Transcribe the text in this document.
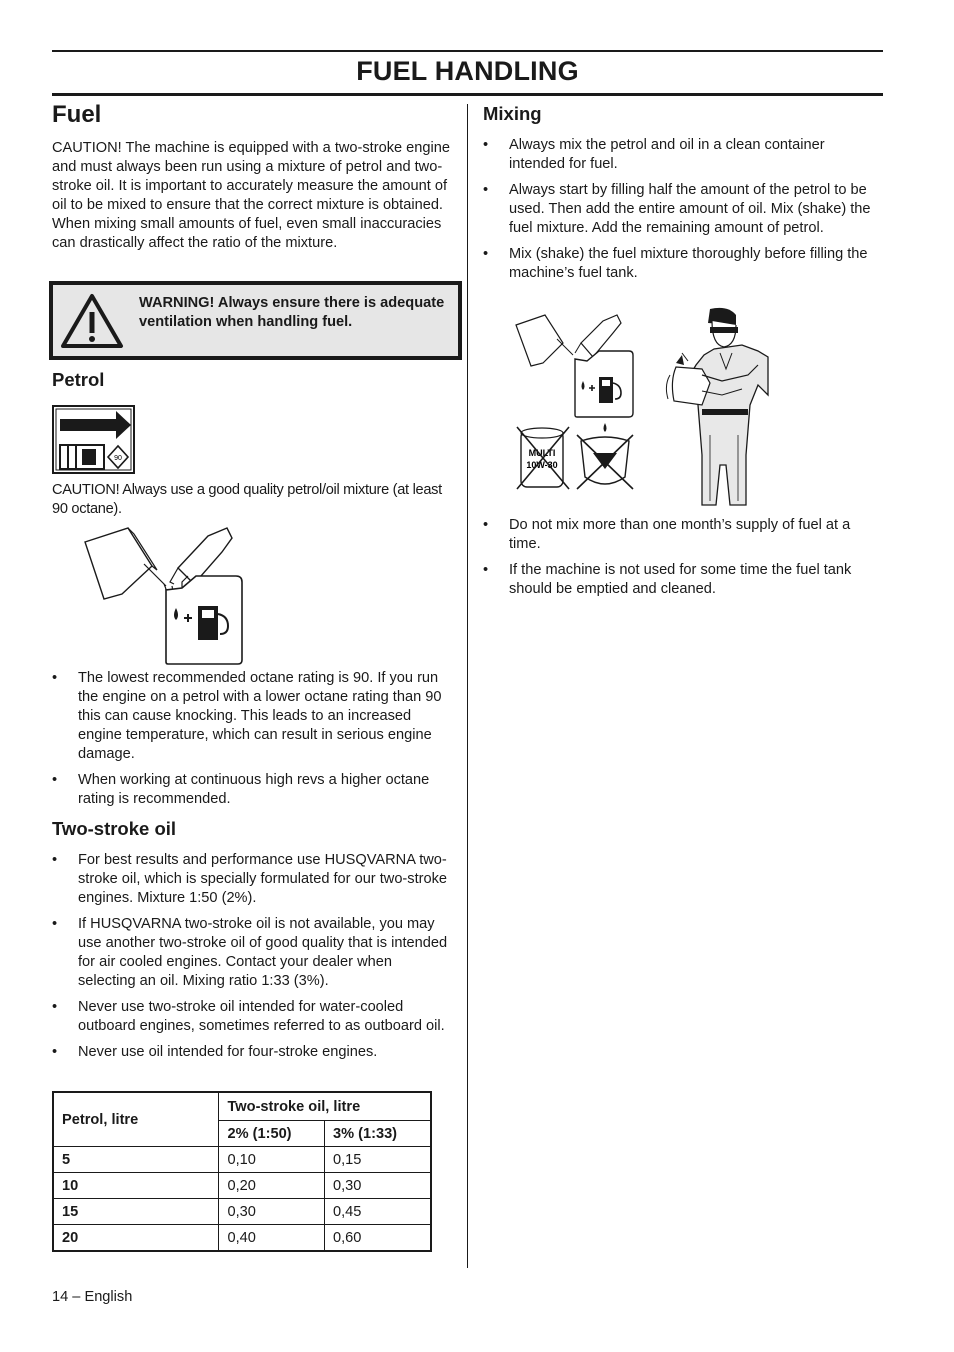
FUEL HANDLING
Fuel
CAUTION! The machine is equipped with a two-stroke engine and must always been run using a mixture of petrol and two-stroke oil. It is important to accurately measure the amount of oil to be mixed to ensure that the correct mixture is obtained. When mixing small amounts of fuel, even small inaccuracies can drastically affect the ratio of the mixture.
WARNING! Always ensure there is adequate ventilation when handling fuel.
Petrol
90
CAUTION! Always use a good quality petrol/oil mixture (at least 90 octane).
• The lowest recommended octane rating is 90. If you run the engine on a petrol with a lower octane rating than 90 this can cause knocking. This leads to an increased engine temperature, which can result in serious engine damage.
• When working at continuous high revs a higher octane rating is recommended.
Two-stroke oil
• For best results and performance use HUSQVARNA two-stroke oil, which is specially formulated for our two-stroke engines. Mixture 1:50 (2%).
• If HUSQVARNA two-stroke oil is not available, you may use another two-stroke oil of good quality that is intended for air cooled engines. Contact your dealer when selecting an oil. Mixing ratio 1:33 (3%).
• Never use two-stroke oil intended for water-cooled outboard engines, sometimes referred to as outboard oil.
• Never use oil intended for four-stroke engines.
Petrol, litre	Two-stroke oil, litre	
	2% (1:50)	3% (1:33)
5	0,10	0,15
10	0,20	0,30
15	0,30	0,45
20	0,40	0,60
Mixing
• Always mix the petrol and oil in a clean container intended for fuel.
• Always start by filling half the amount of the petrol to be used. Then add the entire amount of oil. Mix (shake) the fuel mixture. Add the remaining amount of petrol.
• Mix (shake) the fuel mixture thoroughly before filling the machine’s fuel tank.
MULTI
10W-30
• Do not mix more than one month’s supply of fuel at a time.
• If the machine is not used for some time the fuel tank should be emptied and cleaned.
14 – English
